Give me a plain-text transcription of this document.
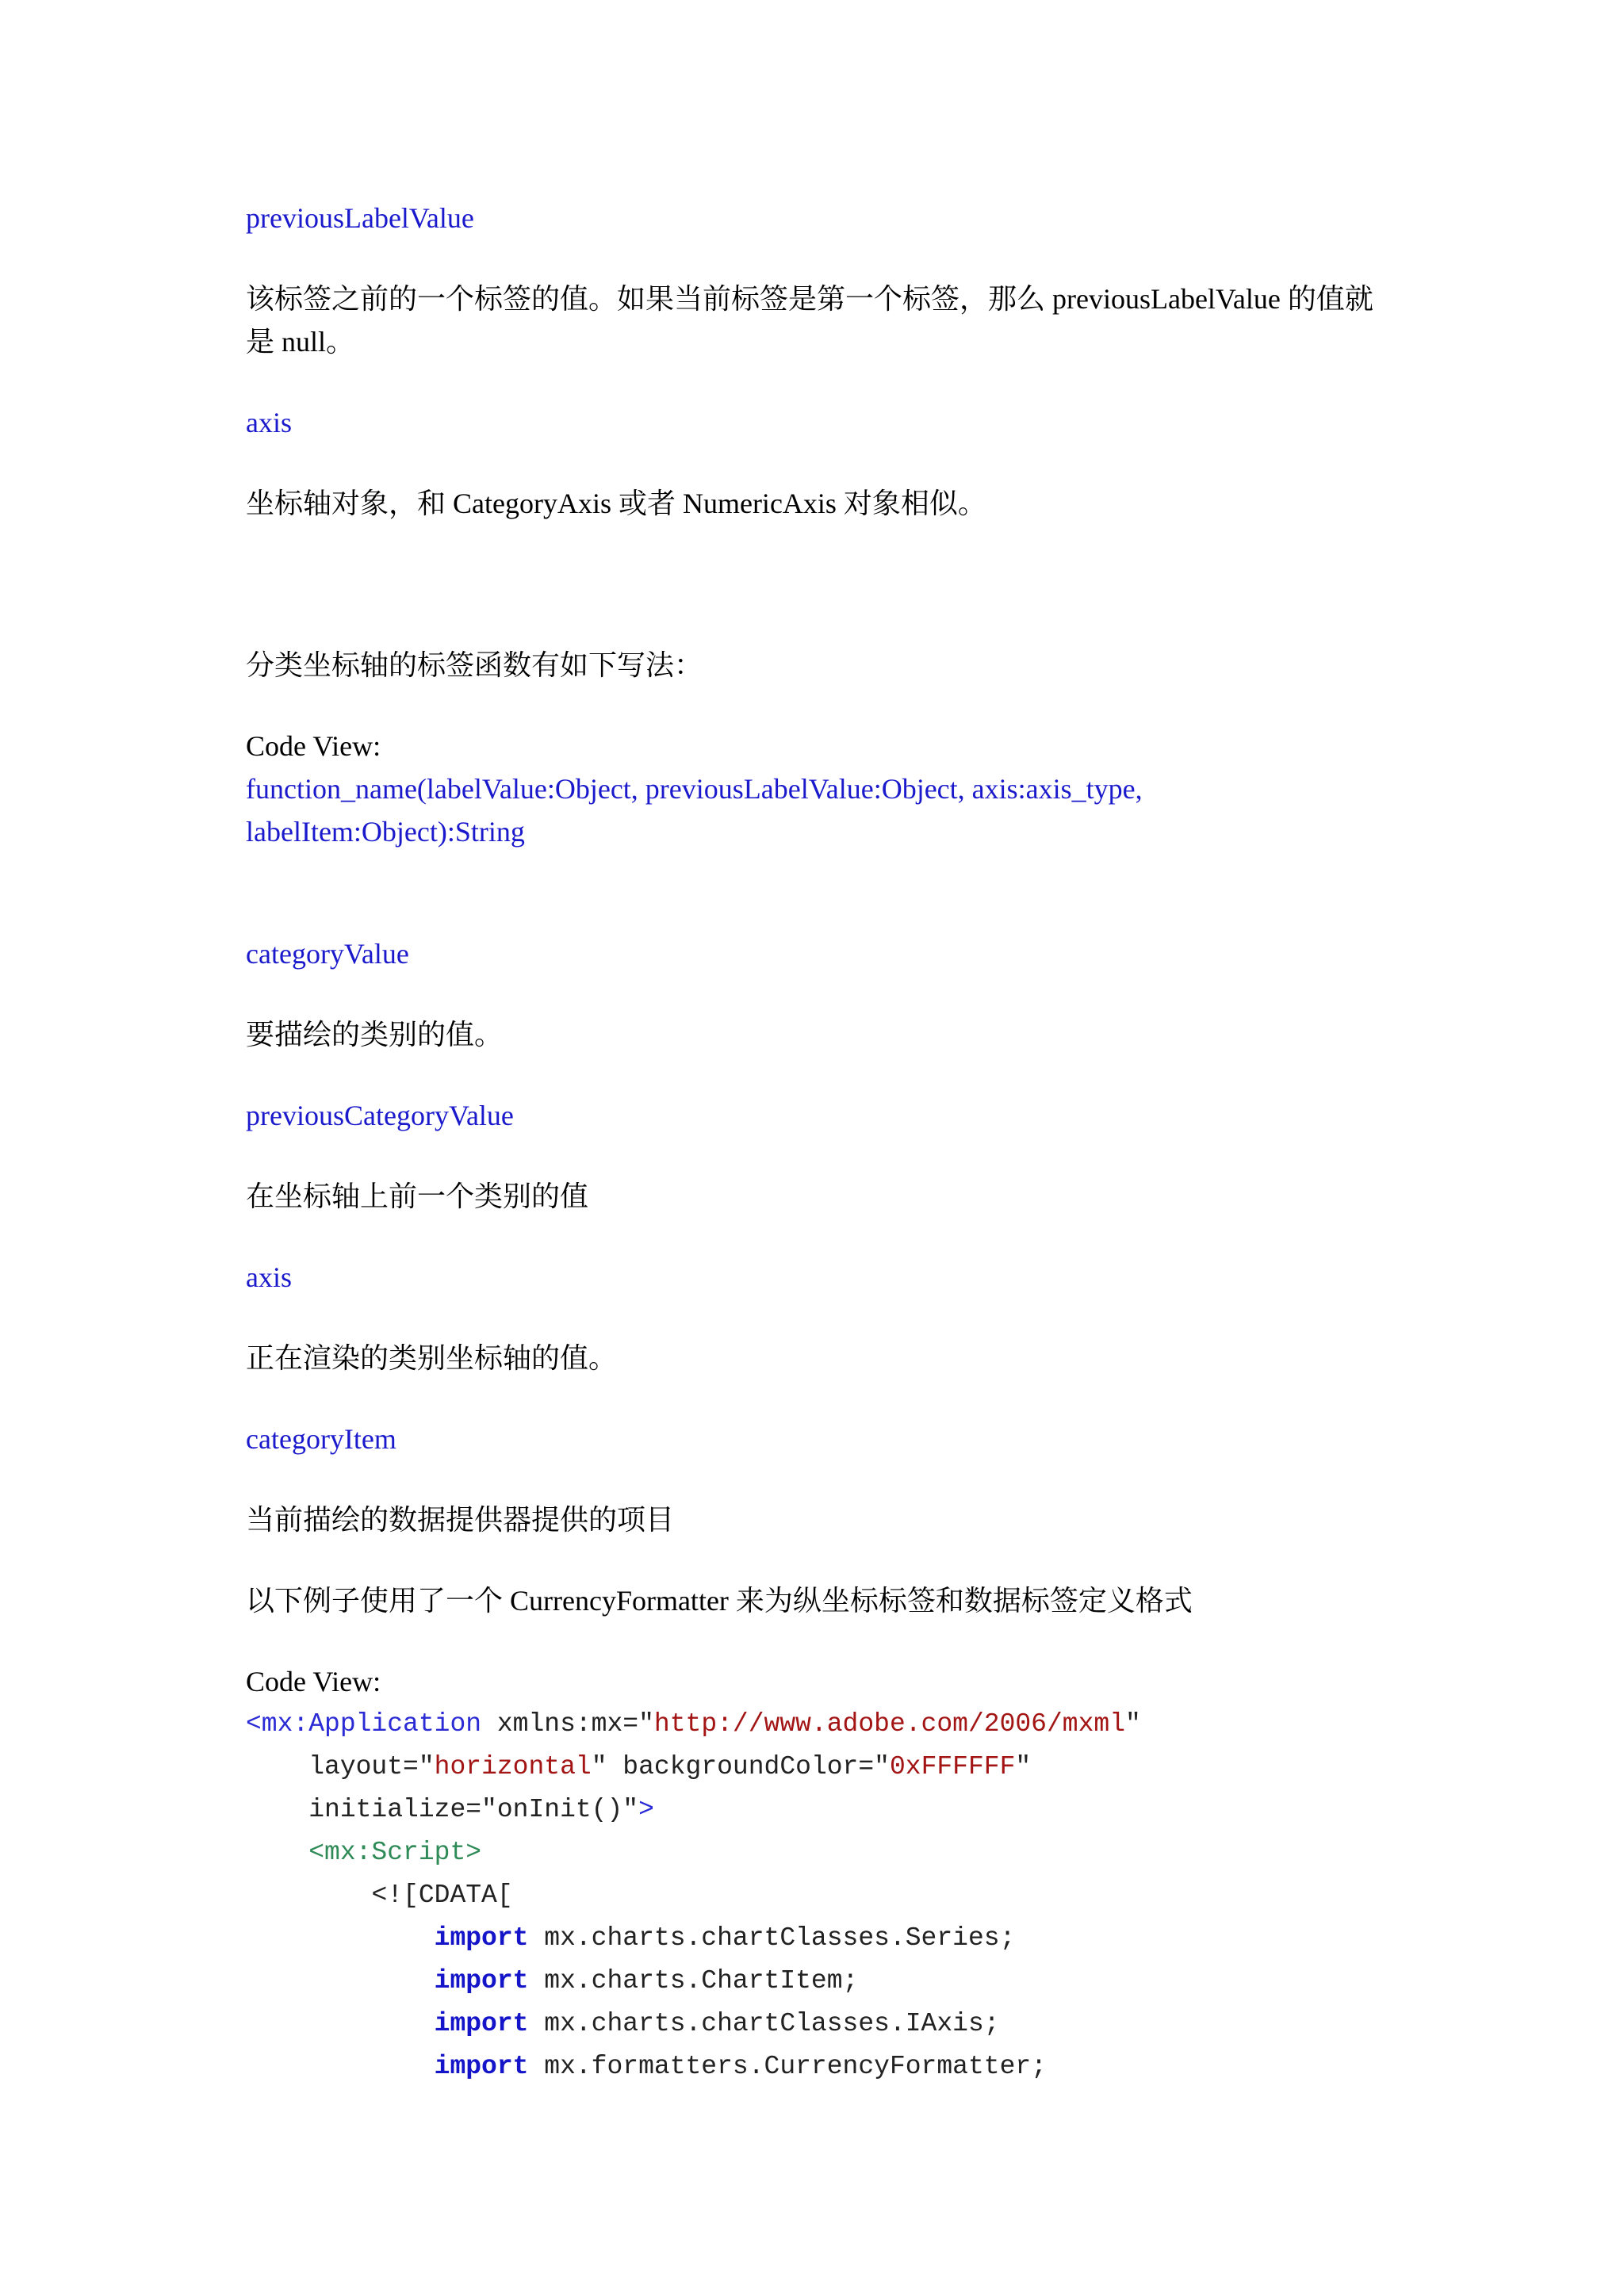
previousLabelValue
该标签之前的一个标签的值。如果当前标签是第一个标签，那么 previousLabelValue 的值就
是 null。
axis
坐标轴对象，和 CategoryAxis 或者 NumericAxis 对象相似。
分类坐标轴的标签函数有如下写法：
Code View:
function_name(labelValue:Object, previousLabelValue:Object, axis:axis_type,
labelItem:Object):String
categoryValue
要描绘的类别的值。
previousCategoryValue
在坐标轴上前一个类别的值
axis
正在渲染的类别坐标轴的值。
categoryItem
当前描绘的数据提供器提供的项目
以下例子使用了一个 CurrencyFormatter 来为纵坐标标签和数据标签定义格式
Code View:
<mx:Application xmlns:mx="http://www.adobe.com/2006/mxml"
layout="horizontal" backgroundColor="0xFFFFFF"
initialize="onInit()">
<mx:Script>
<![CDATA[
import mx.charts.chartClasses.Series;
import mx.charts.ChartItem;
import mx.charts.chartClasses.IAxis;
import mx.formatters.CurrencyFormatter;
